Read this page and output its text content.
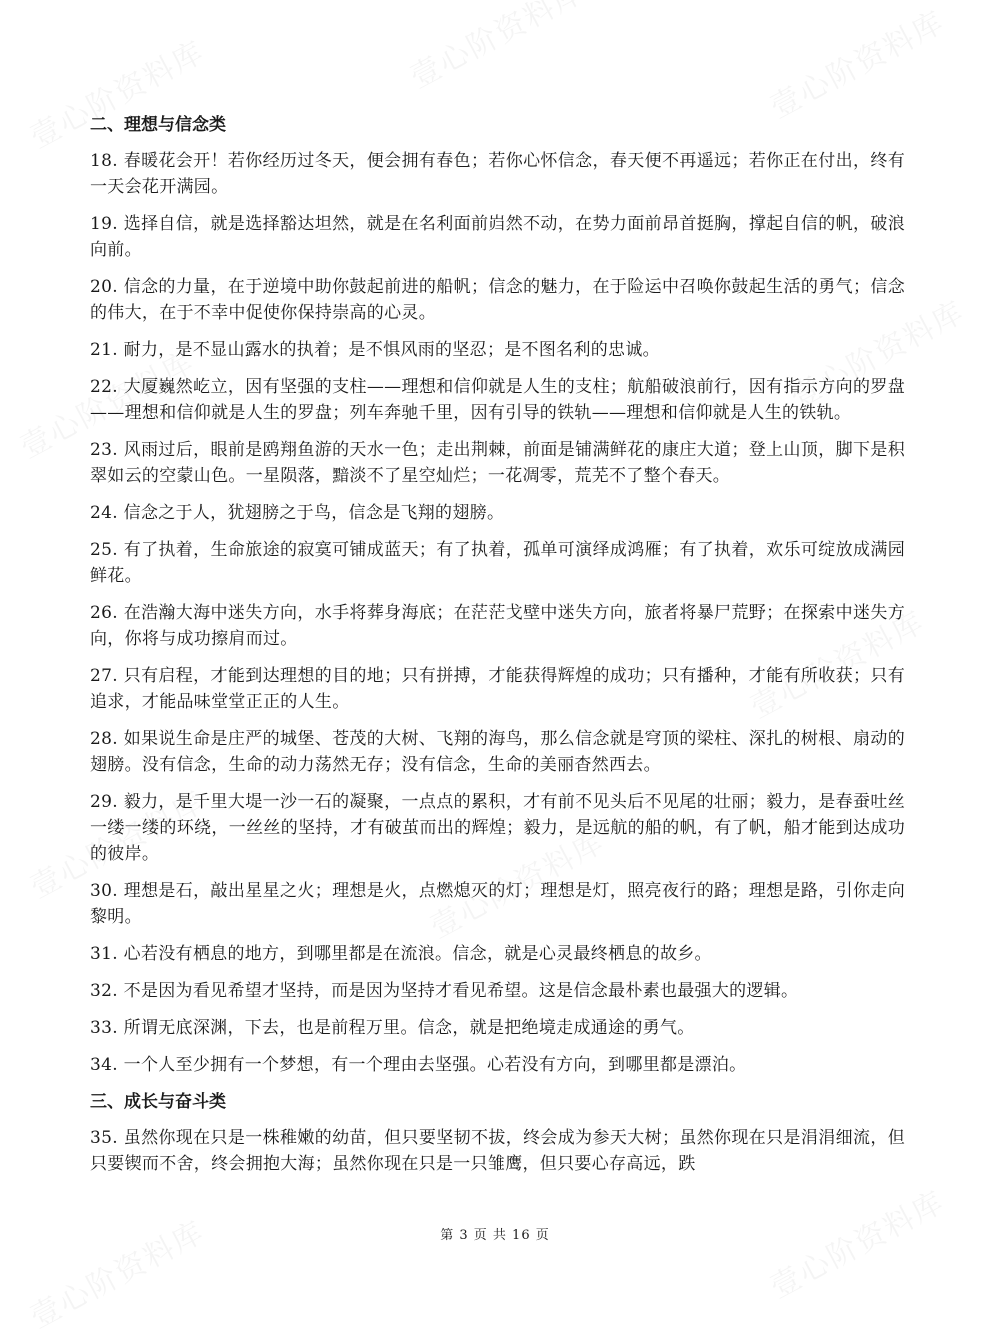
二、理想与信念类

18. 春暖花会开！若你经历过冬天，便会拥有春色；若你心怀信念，春天便不再遥远；若你正在付出，终有一天会花开满园。

19. 选择自信，就是选择豁达坦然，就是在名利面前岿然不动，在势力面前昂首挺胸，撑起自信的帆，破浪向前。

20. 信念的力量，在于逆境中助你鼓起前进的船帆；信念的魅力，在于险运中召唤你鼓起生活的勇气；信念的伟大，在于不幸中促使你保持崇高的心灵。

21. 耐力，是不显山露水的执着；是不惧风雨的坚忍；是不图名利的忠诚。

22. 大厦巍然屹立，因有坚强的支柱——理想和信仰就是人生的支柱；航船破浪前行，因有指示方向的罗盘——理想和信仰就是人生的罗盘；列车奔驰千里，因有引导的铁轨——理想和信仰就是人生的铁轨。

23. 风雨过后，眼前是鸥翔鱼游的天水一色；走出荆棘，前面是铺满鲜花的康庄大道；登上山顶，脚下是积翠如云的空蒙山色。一星陨落，黯淡不了星空灿烂；一花凋零，荒芜不了整个春天。

24. 信念之于人，犹翅膀之于鸟，信念是飞翔的翅膀。

25. 有了执着，生命旅途的寂寞可铺成蓝天；有了执着，孤单可演绎成鸿雁；有了执着，欢乐可绽放成满园鲜花。

26. 在浩瀚大海中迷失方向，水手将葬身海底；在茫茫戈壁中迷失方向，旅者将暴尸荒野；在探索中迷失方向，你将与成功擦肩而过。

27. 只有启程，才能到达理想的目的地；只有拼搏，才能获得辉煌的成功；只有播种，才能有所收获；只有追求，才能品味堂堂正正的人生。

28. 如果说生命是庄严的城堡、苍茂的大树、飞翔的海鸟，那么信念就是穹顶的梁柱、深扎的树根、扇动的翅膀。没有信念，生命的动力荡然无存；没有信念，生命的美丽杳然西去。

29. 毅力，是千里大堤一沙一石的凝聚，一点点的累积，才有前不见头后不见尾的壮丽；毅力，是春蚕吐丝一缕一缕的环绕，一丝丝的坚持，才有破茧而出的辉煌；毅力，是远航的船的帆，有了帆，船才能到达成功的彼岸。

30. 理想是石，敲出星星之火；理想是火，点燃熄灭的灯；理想是灯，照亮夜行的路；理想是路，引你走向黎明。

31. 心若没有栖息的地方，到哪里都是在流浪。信念，就是心灵最终栖息的故乡。

32. 不是因为看见希望才坚持，而是因为坚持才看见希望。这是信念最朴素也最强大的逻辑。

33. 所谓无底深渊，下去，也是前程万里。信念，就是把绝境走成通途的勇气。

34. 一个人至少拥有一个梦想，有一个理由去坚强。心若没有方向，到哪里都是漂泊。

三、成长与奋斗类

35. 虽然你现在只是一株稚嫩的幼苗，但只要坚韧不拔，终会成为参天大树；虽然你现在只是涓涓细流，但只要锲而不舍，终会拥抱大海；虽然你现在只是一只雏鹰，但只要心存高远，跌

第 3 页 共 16 页
